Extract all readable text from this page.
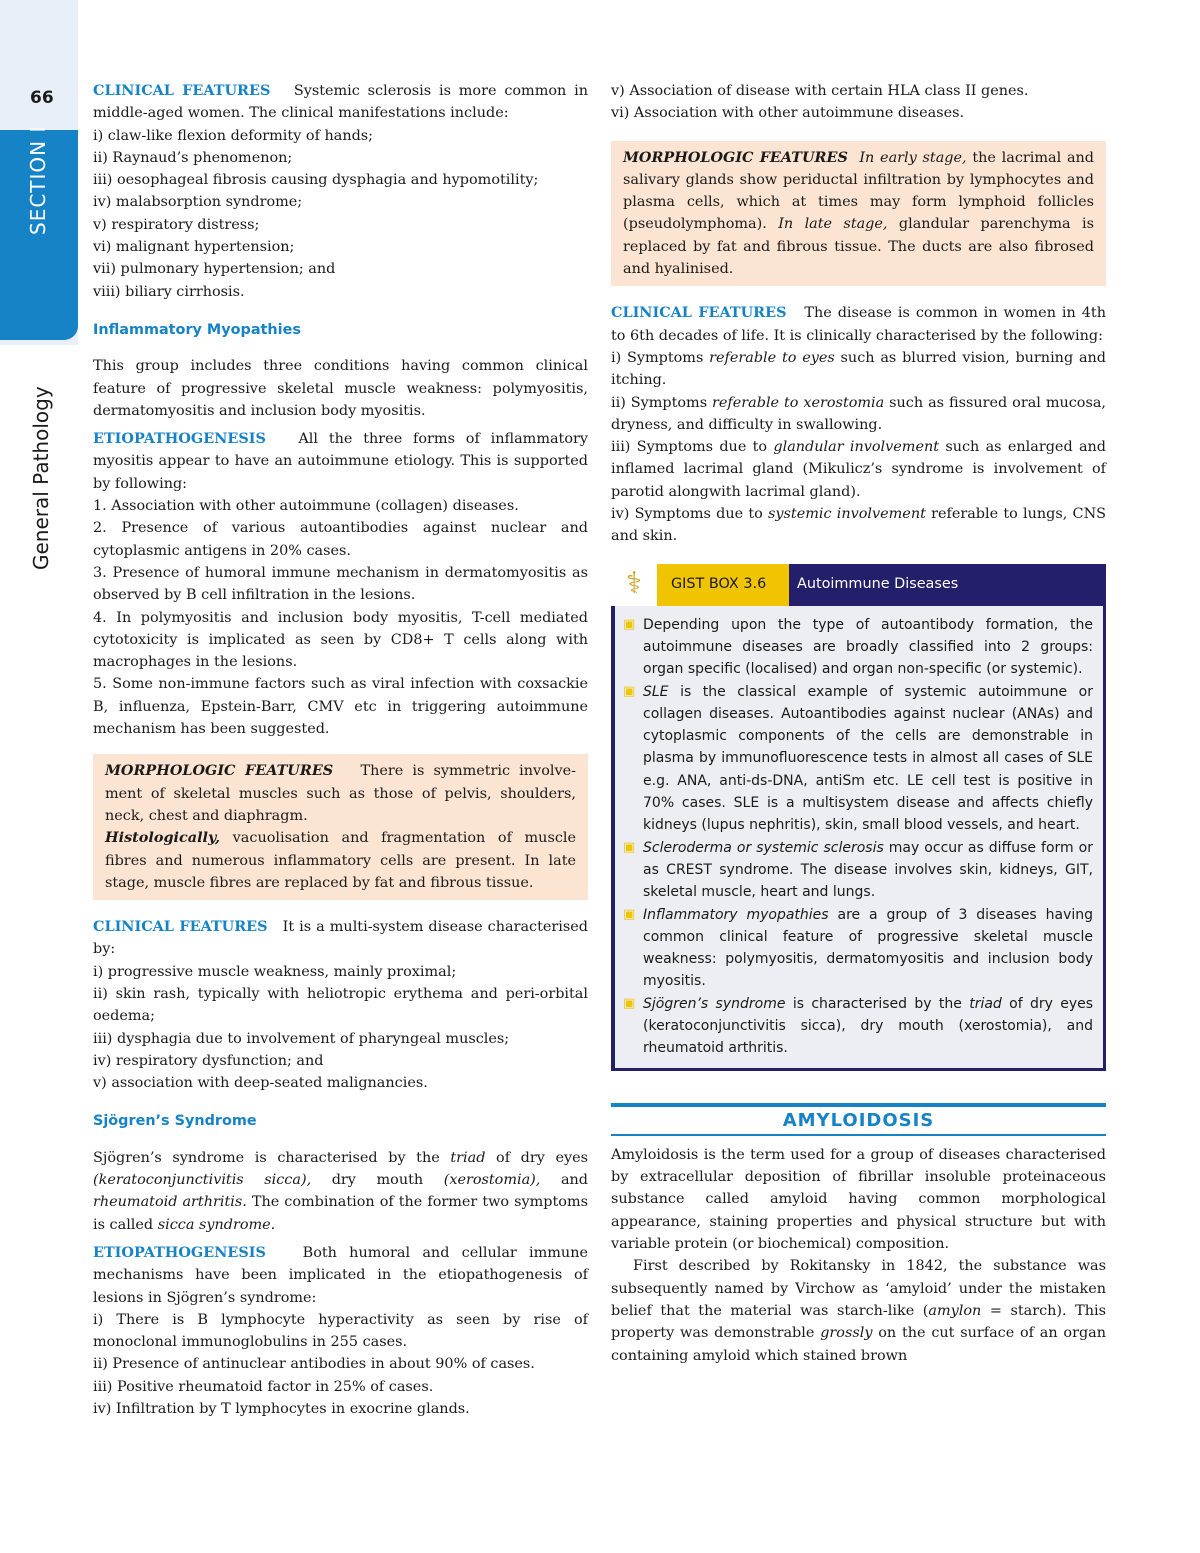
66
SECTION I
General Pathology

CLINICAL FEATURES Systemic sclerosis is more common in middle-aged women. The clinical manifestations include:

i) claw-like flexion deformity of hands;

ii) Raynaud’s phenomenon;

iii) oesophageal fibrosis causing dysphagia and hypomotility;

iv) malabsorption syndrome;

v) respiratory distress;

vi) malignant hypertension;

vii) pulmonary hypertension; and

viii) biliary cirrhosis.

Inflammatory Myopathies

This group includes three conditions having common clinical feature of progressive skeletal muscle weakness: polymyositis, dermatomyositis and inclusion body myositis.

ETIOPATHOGENESIS All the three forms of inflammatory myositis appear to have an autoimmune etiology. This is supported by following:

1. Association with other autoimmune (collagen) diseases.

2. Presence of various autoantibodies against nuclear and cytoplasmic antigens in 20% cases.

3. Presence of humoral immune mechanism in dermatomyositis as observed by B cell infiltration in the lesions.

4. In polymyositis and inclusion body myositis, T-cell mediated cytotoxicity is implicated as seen by CD8+ T cells along with macrophages in the lesions.

5. Some non-immune factors such as viral infection with coxsackie B, influenza, Epstein-Barr, CMV etc in triggering autoimmune mechanism has been suggested.

MORPHOLOGIC FEATURES There is symmetric involvement of skeletal muscles such as those of pelvis, shoulders, neck, chest and diaphragm.

Histologically, vacuolisation and fragmentation of muscle fibres and numerous inflammatory cells are present. In late stage, muscle fibres are replaced by fat and fibrous tissue.

CLINICAL FEATURES It is a multi-system disease characterised by:

i) progressive muscle weakness, mainly proximal;

ii) skin rash, typically with heliotropic erythema and peri-orbital oedema;

iii) dysphagia due to involvement of pharyngeal muscles;

iv) respiratory dysfunction; and

v) association with deep-seated malignancies.

Sjögren’s Syndrome

Sjögren’s syndrome is characterised by the triad of dry eyes (keratoconjunctivitis sicca), dry mouth (xerostomia), and rheumatoid arthritis. The combination of the former two symptoms is called sicca syndrome.

ETIOPATHOGENESIS	Both humoral and cellular immune mechanisms have been implicated in the etiopathogenesis of lesions in Sjögren’s syndrome:

i) There is B lymphocyte hyperactivity as seen by rise of monoclonal immunoglobulins in 255 cases.

ii) Presence of antinuclear antibodies in about 90% of cases.

iii) Positive rheumatoid factor in 25% of cases.

iv) Infiltration by T lymphocytes in exocrine glands.

v) Association of disease with certain HLA class II genes.

vi) Association with other autoimmune diseases.

MORPHOLOGIC FEATURES In early stage, the lacrimal and salivary glands show periductal infiltration by lymphocytes and plasma cells, which at times may form lymphoid follicles (pseudolymphoma). In late stage, glandular parenchyma is replaced by fat and fibrous tissue. The ducts are also fibrosed and hyalinised.

CLINICAL FEATURES The disease is common in women in 4th to 6th decades of life. It is clinically characterised by the following:

i) Symptoms referable to eyes such as blurred vision, burning and itching.

ii) Symptoms referable to xerostomia such as fissured oral mucosa, dryness, and difficulty in swallowing.

iii) Symptoms due to glandular involvement such as enlarged and inflamed lacrimal gland (Mikulicz’s syndrome is involvement of parotid alongwith lacrimal gland).

iv) Symptoms due to systemic involvement referable to lungs, CNS and skin.

⚕	GIST BOX 3.6	Autoimmune Diseases
▣ Depending upon the type of autoantibody formation, the autoimmune diseases are broadly classified into 2 groups: organ specific (localised) and organ non-specific (or systemic).

▣ SLE is the classical example of systemic autoimmune or collagen diseases. Autoantibodies against nuclear (ANAs) and cytoplasmic components of the cells are demonstrable in plasma by immunofluorescence tests in almost all cases of SLE e.g. ANA, anti-ds-DNA, antiSm etc. LE cell test is positive in 70% cases. SLE is a multisystem disease and affects chiefly kidneys (lupus nephritis), skin, small blood vessels, and heart.

▣ Scleroderma or systemic sclerosis may occur as diffuse form or as CREST syndrome. The disease involves skin, kidneys, GIT, skeletal muscle, heart and lungs.

▣ Inflammatory myopathies are a group of 3 diseases having common clinical feature of progressive skeletal muscle weakness: polymyositis, dermatomyositis and inclusion body myositis.

▣ Sjögren’s syndrome is characterised by the triad of dry eyes (keratoconjunctivitis sicca), dry mouth (xerostomia), and rheumatoid arthritis.

AMYLOIDOSIS

Amyloidosis is the term used for a group of diseases characterised by extracellular deposition of fibrillar insoluble proteinaceous substance called amyloid having common morphological appearance, staining properties and physical structure but with variable protein (or biochemical) composition.

First described by Rokitansky in 1842, the substance was subsequently named by Virchow as ‘amyloid’ under the mistaken belief that the material was starch-like (amylon = starch). This property was demonstrable grossly on the cut surface of an organ containing amyloid which stained brown
